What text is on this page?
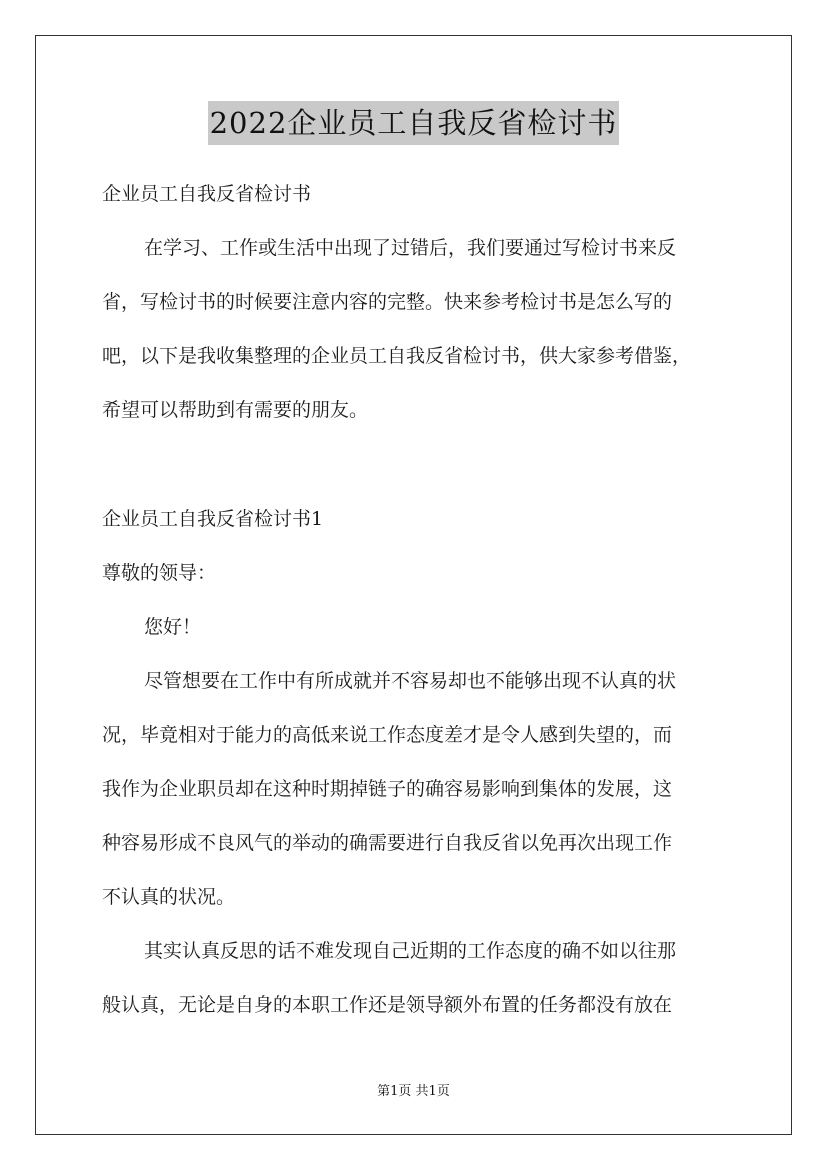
2022企业员工自我反省检讨书
企业员工自我反省检讨书
在学习、工作或生活中出现了过错后，我们要通过写检讨书来反
省，写检讨书的时候要注意内容的完整。快来参考检讨书是怎么写的
吧，以下是我收集整理的企业员工自我反省检讨书，供大家参考借鉴，
希望可以帮助到有需要的朋友。
企业员工自我反省检讨书1
尊敬的领导：
您好！
尽管想要在工作中有所成就并不容易却也不能够出现不认真的状
况，毕竟相对于能力的高低来说工作态度差才是令人感到失望的，而
我作为企业职员却在这种时期掉链子的确容易影响到集体的发展，这
种容易形成不良风气的举动的确需要进行自我反省以免再次出现工作
不认真的状况。
其实认真反思的话不难发现自己近期的工作态度的确不如以往那
般认真，无论是自身的本职工作还是领导额外布置的任务都没有放在
第1页 共1页
